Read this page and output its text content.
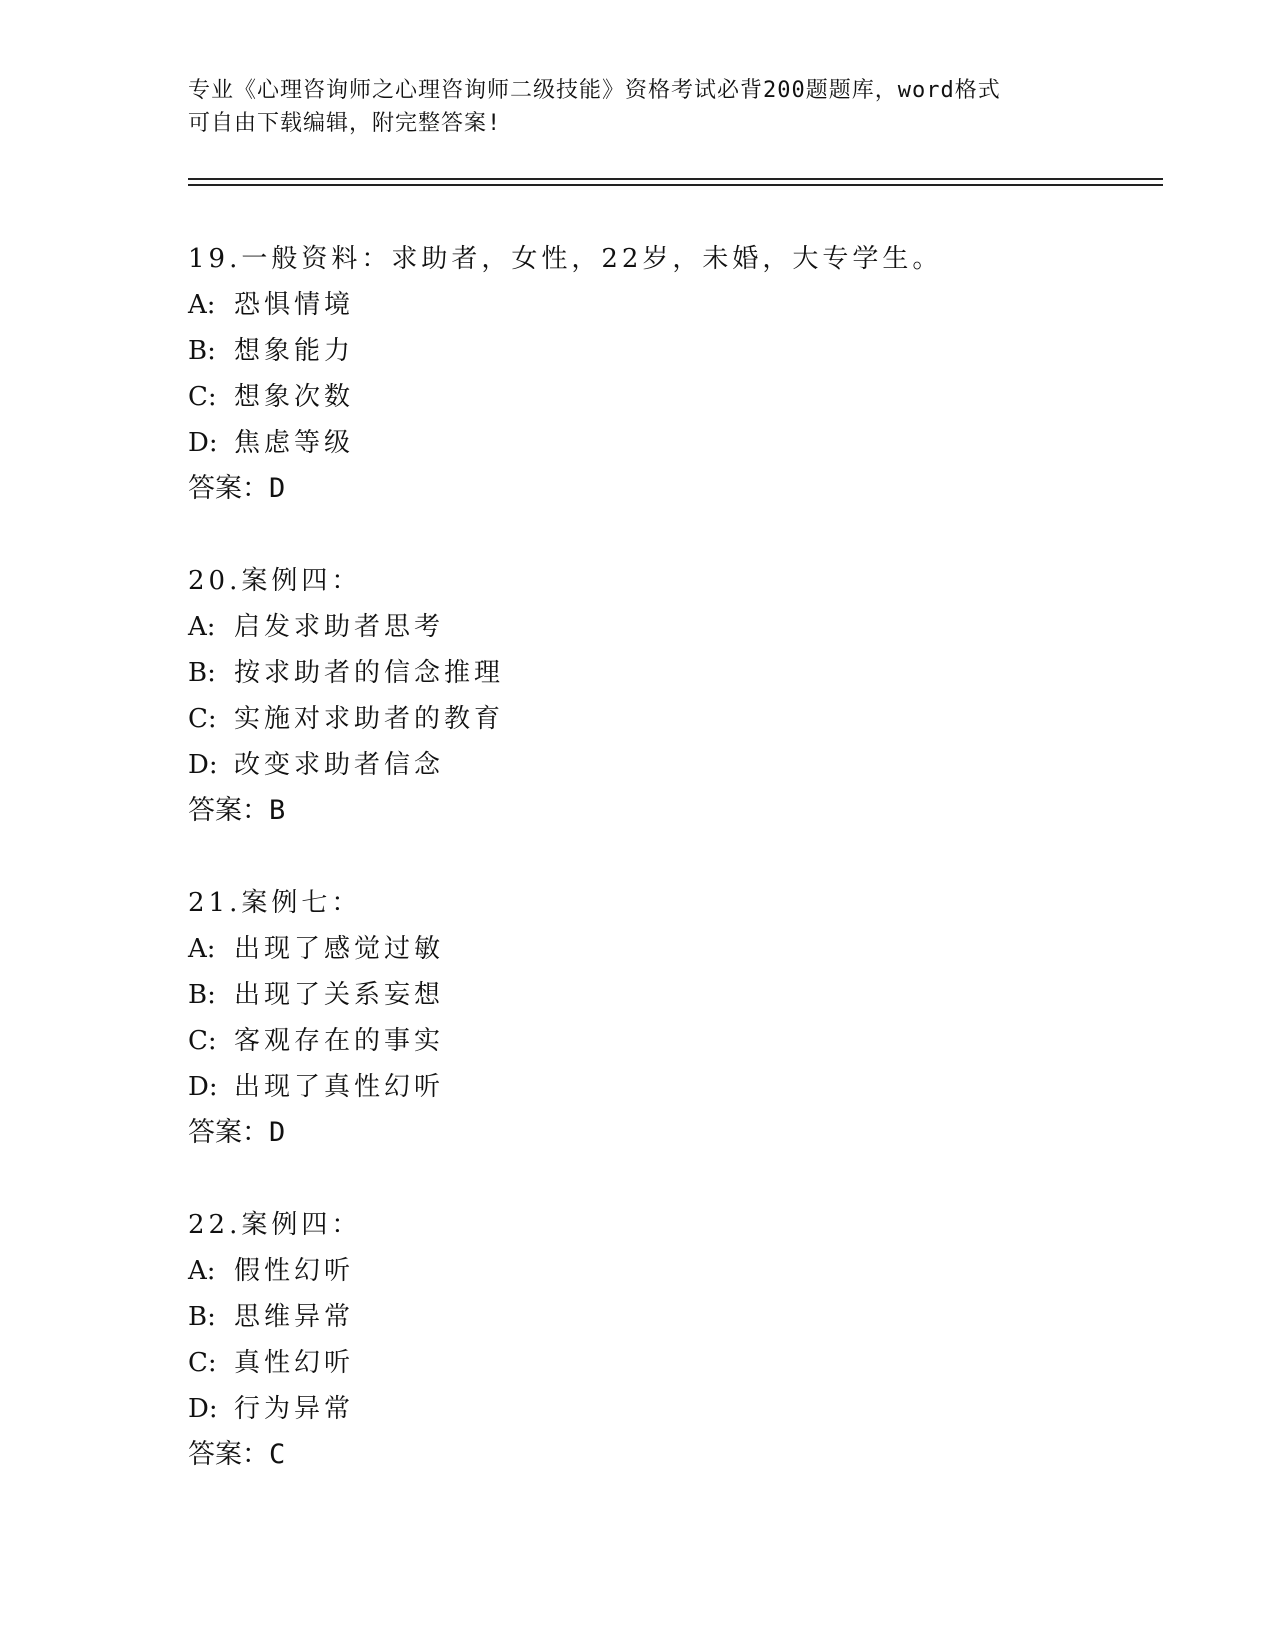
专业《心理咨询师之心理咨询师二级技能》资格考试必背200题题库，word格式
可自由下载编辑，附完整答案!
19.一般资料：求助者，女性，22岁，未婚，大专学生。
A: 恐惧情境
B: 想象能力
C: 想象次数
D: 焦虑等级
答案：D
20.案例四：
A: 启发求助者思考
B: 按求助者的信念推理
C: 实施对求助者的教育
D: 改变求助者信念
答案：B
21.案例七：
A: 出现了感觉过敏
B: 出现了关系妄想
C: 客观存在的事实
D: 出现了真性幻听
答案：D
22.案例四：
A: 假性幻听
B: 思维异常
C: 真性幻听
D: 行为异常
答案：C
